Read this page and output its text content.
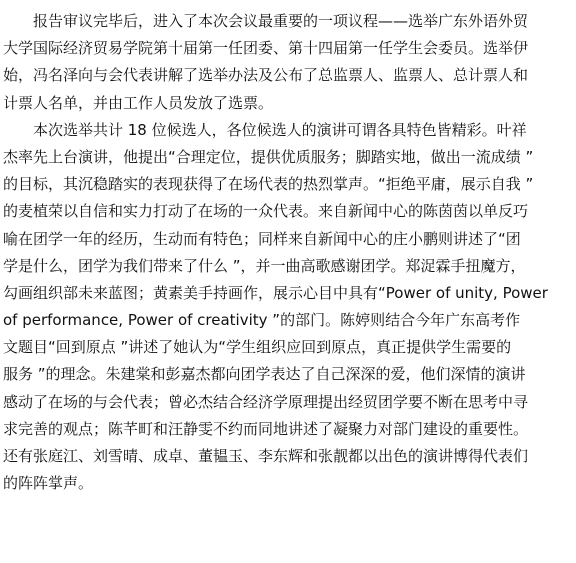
报告审议完毕后，进入了本次会议最重要的一项议程——选举广东外语外贸
大学国际经济贸易学院第十届第一任团委、第十四届第一任学生会委员。选举伊
始，冯名泽向与会代表讲解了选举办法及公布了总监票人、监票人、总计票人和
计票人名单，并由工作人员发放了选票。
本次选举共计 18 位候选人，各位候选人的演讲可谓各具特色皆精彩。叶祥
杰率先上台演讲，他提出“合理定位，提供优质服务；脚踏实地，做出一流成绩 ”
的目标，其沉稳踏实的表现获得了在场代表的热烈掌声。“拒绝平庸，展示自我 ”
的麦植荣以自信和实力打动了在场的一众代表。来自新闻中心的陈茵茵以单反巧
喻在团学一年的经历，生动而有特色；同样来自新闻中心的庄小鹏则讲述了“团
学是什么，团学为我们带来了什么 ”，并一曲高歌感谢团学。郑浞霖手扭魔方，
勾画组织部未来蓝图；黄素美手持画作，展示心目中具有“Power of unity, Power
of performance, Power of creativity ”的部门。陈婷则结合今年广东高考作
文题目“回到原点 ”讲述了她认为“学生组织应回到原点，真正提供学生需要的
服务 ”的理念。朱建棠和彭嘉杰都向团学表达了自己深深的爱，他们深情的演讲
感动了在场的与会代表；曾必杰结合经济学原理提出经贸团学要不断在思考中寻
求完善的观点；陈芊町和汪静雯不约而同地讲述了凝聚力对部门建设的重要性。
还有张庭江、刘雪晴、成卓、董韫玉、李东辉和张靓都以出色的演讲博得代表们
的阵阵掌声。
